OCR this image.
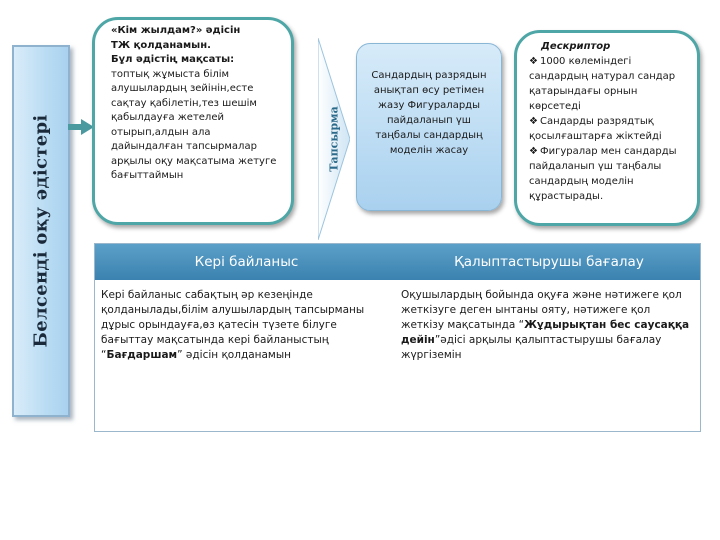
Белсенді оқу әдістері
«Кім жылдам?» әдісін
ТЖ қолданамын.
Бұл әдістің мақсаты:
топтық жұмыста білім алушылардың зейінін,есте сақтау қабілетін,тез шешім қабылдауға жетелей отырып,алдын ала дайындалған тапсырмалар арқылы оқу мақсатыма жетуге бағыттаймын
Тапсырма
Сандардың разрядын анықтап өсу ретімен жазу Фигураларды пайдаланып үш таңбалы сандардың моделін жасау
Дескриптор
❖ 1000 көлеміндегі сандардың натурал сандар қатарындағы орнын көрсетеді
❖ Сандарды разрядтық қосылғаштарға жіктейді
❖ Фигуралар мен сандарды пайдаланып үш таңбалы сандардың моделін құрастырады.
Кері байланыс	Қалыптастырушы бағалау
Кері байланыс сабақтың әр кезеңінде қолданылады,білім алушылардың тапсырманы дұрыс орындауға,өз қатесін түзете білуге бағыттау мақсатында кері байланыстың “Бағдаршам” әдісін қолданамын
Оқушылардың бойында оқуға және нәтижеге қол жеткізуге деген ынтаны ояту, нәтижеге қол жеткізу мақсатында “Жұдырықтан бес саусаққа дейін”әдісі арқылы қалыптастырушы бағалау жүргіземін
